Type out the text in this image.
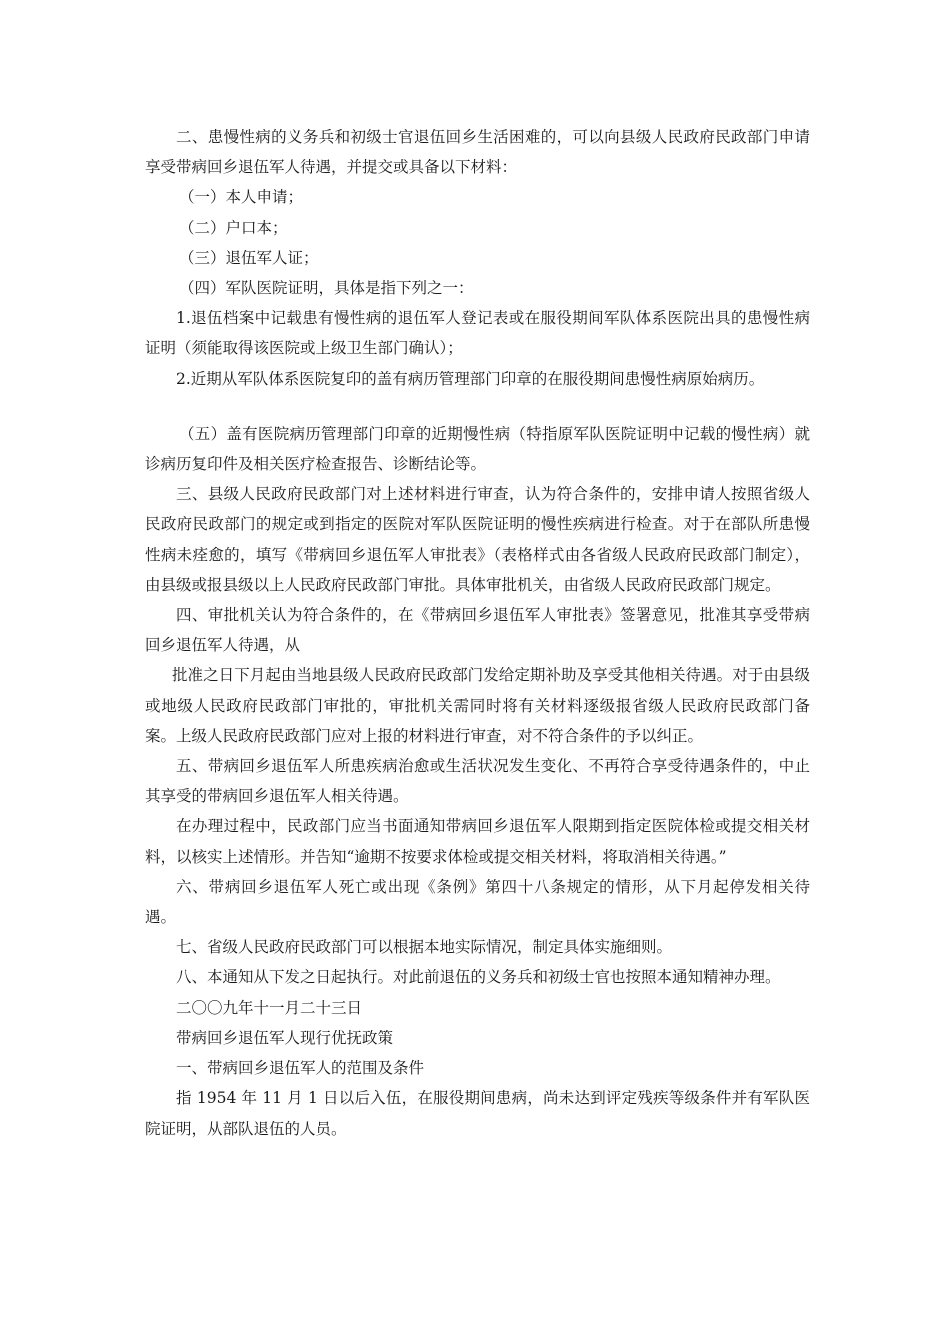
二、患慢性病的义务兵和初级士官退伍回乡生活困难的，可以向县级人民政府民政部门申请享受带病回乡退伍军人待遇，并提交或具备以下材料：

（一）本人申请；

（二）户口本；

（三）退伍军人证；

（四）军队医院证明，具体是指下列之一：

1.退伍档案中记载患有慢性病的退伍军人登记表或在服役期间军队体系医院出具的患慢性病证明（须能取得该医院或上级卫生部门确认）；

2.近期从军队体系医院复印的盖有病历管理部门印章的在服役期间患慢性病原始病历。

（五）盖有医院病历管理部门印章的近期慢性病（特指原军队医院证明中记载的慢性病）就诊病历复印件及相关医疗检查报告、诊断结论等。

三、县级人民政府民政部门对上述材料进行审查，认为符合条件的，安排申请人按照省级人民政府民政部门的规定或到指定的医院对军队医院证明的慢性疾病进行检查。对于在部队所患慢性病未痊愈的，填写《带病回乡退伍军人审批表》（表格样式由各省级人民政府民政部门制定），由县级或报县级以上人民政府民政部门审批。具体审批机关，由省级人民政府民政部门规定。

四、审批机关认为符合条件的，在《带病回乡退伍军人审批表》签署意见，批准其享受带病回乡退伍军人待遇，从

批准之日下月起由当地县级人民政府民政部门发给定期补助及享受其他相关待遇。对于由县级或地级人民政府民政部门审批的，审批机关需同时将有关材料逐级报省级人民政府民政部门备案。上级人民政府民政部门应对上报的材料进行审查，对不符合条件的予以纠正。

五、带病回乡退伍军人所患疾病治愈或生活状况发生变化、不再符合享受待遇条件的，中止其享受的带病回乡退伍军人相关待遇。

在办理过程中，民政部门应当书面通知带病回乡退伍军人限期到指定医院体检或提交相关材料，以核实上述情形。并告知“逾期不按要求体检或提交相关材料，将取消相关待遇。”

六、带病回乡退伍军人死亡或出现《条例》第四十八条规定的情形，从下月起停发相关待遇。

七、省级人民政府民政部门可以根据本地实际情况，制定具体实施细则。

八、本通知从下发之日起执行。对此前退伍的义务兵和初级士官也按照本通知精神办理。

二〇〇九年十一月二十三日

带病回乡退伍军人现行优抚政策

一、带病回乡退伍军人的范围及条件

指 1954 年 11 月 1 日以后入伍，在服役期间患病，尚未达到评定残疾等级条件并有军队医院证明，从部队退伍的人员。
